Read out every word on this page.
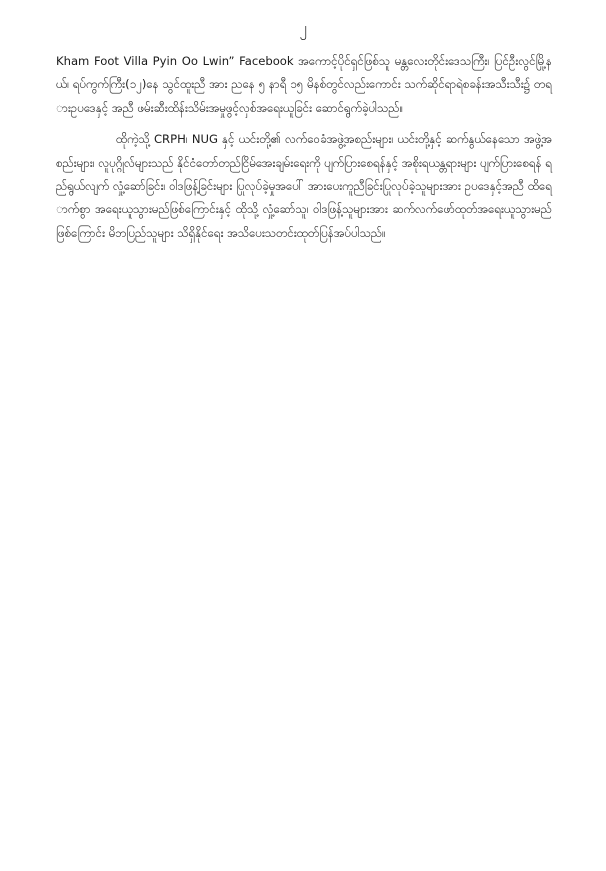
၂

Kham Foot Villa Pyin Oo Lwin” Facebook အကောင့်ပိုင်ရှင်ဖြစ်သူ မန္တလေးတိုင်းဒေသကြီး၊ ပြင်ဦးလွင်မြို့နယ်၊ ရပ်ကွက်ကြီး(၁၂)နေ သွင်ထူးညီ အား ညနေ ၅ နာရီ ၁၅ မိနစ်တွင်လည်းကောင်း သက်ဆိုင်ရာရဲစခန်းအသီးသီး၌ တရားဥပဒေနှင့် အညီ ဖမ်းဆီးထိန်းသိမ်းအမှုဖွင့်လှစ်အရေးယူခြင်း ဆောင်ရွက်ခဲ့ပါသည်။

ထိုကဲ့သို့ CRPH၊ NUG နှင့် ယင်းတို့၏ လက်ဝေခံအဖွဲ့အစည်းများ၊ ယင်းတို့နှင့် ဆက်နွယ်နေသော အဖွဲ့အစည်းများ၊ လူပုဂ္ဂိုလ်များသည် နိုင်ငံတော်တည်ငြိမ်အေးချမ်းရေးကို ပျက်ပြားစေရန်နှင့် အစိုးရယန္တရားများ ပျက်ပြားစေရန် ရည်ရွယ်လျက် လှုံ့ဆော်ခြင်း၊ ဝါဒဖြန့်ခြင်းများ ပြုလုပ်ခဲ့မှုအပေါ် အားပေးကူညီခြင်းပြုလုပ်ခဲ့သူများအား ဥပဒေနှင့်အညီ ထိရောက်စွာ အရေးယူသွားမည်ဖြစ်ကြောင်းနှင့် ထိုသို့ လှုံ့ဆော်သူ၊ ဝါဒဖြန့်သူများအား ဆက်လက်ဖော်ထုတ်အရေးယူသွားမည်ဖြစ်ကြောင်း မိဘပြည်သူများ သိရှိနိုင်ရေး အသိပေးသတင်းထုတ်ပြန်အပ်ပါသည်။
